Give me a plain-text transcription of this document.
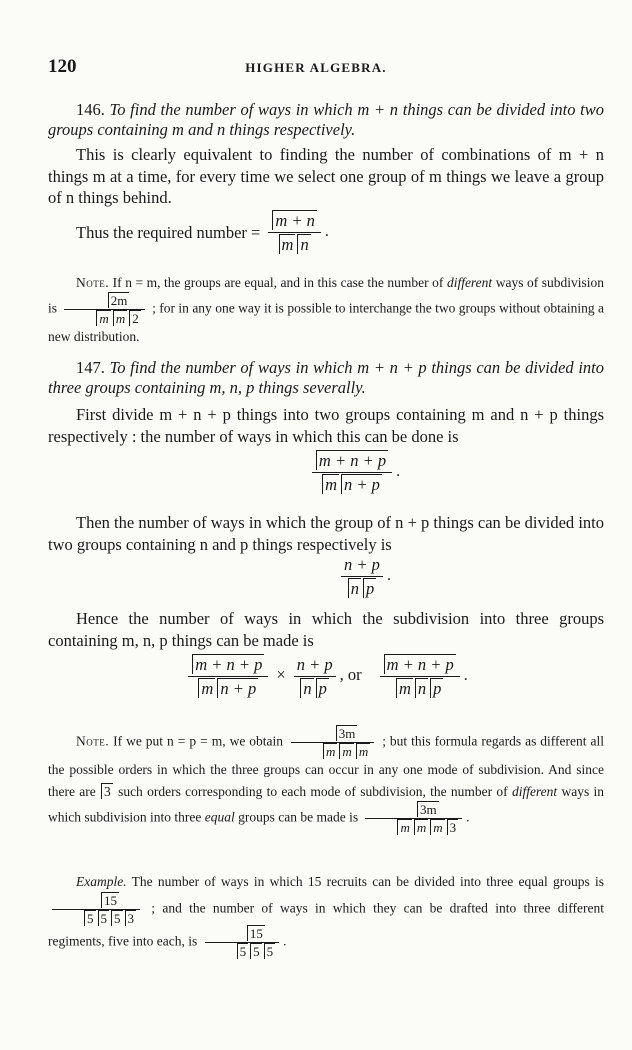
120	HIGHER ALGEBRA.

146. To find the number of ways in which m + n things can be divided into two groups containing m and n things respectively.

This is clearly equivalent to finding the number of combinations of m + n things m at a time, for every time we select one group of m things we leave a group of n things behind.

Thus the required number = $\frac{m + n}{\text{m n}}$ .

Note. If n = m, the groups are equal, and in this case the number of different ways of subdivision is $\frac{2m}{\text{m m 2}}$ ; for in any one way it is possible to interchange the two groups without obtaining a new distribution.

147. To find the number of ways in which m + n + p things can be divided into three groups containing m, n, p things severally.

First divide m + n + p things into two groups containing m and n + p things respectively : the number of ways in which this can be done is

$\frac{m + n + p}{\text{m n + p}}$ .

Then the number of ways in which the group of n + p things can be divided into two groups containing n and p things respectively is

$\frac{n + p}{\text{n p}}$ .

Hence the number of ways in which the subdivision into three groups containing m, n, p things can be made is

$\frac{m + n + p}{\text{m n + p}} \times \frac{n + p}{\text{n p}}$ , or
m + n + p
m n p
.

Note. If we put n = p = m, we obtain
3m
m m m
; but this formula regards as different all the possible orders in which the three groups can occur in any one mode of subdivision. And since there are 3 such orders corresponding to each mode of subdivision, the number of different ways in which subdivision into three equal groups can be made is
3m
m m m 3
.

Example. The number of ways in which 15 recruits can be divided into three equal groups is
$\frac{15}{5 5 5 3}$ ; and the number of ways in which they can be drafted into three different regiments, five into each, is $\frac{15}{5 5 5}$ .
